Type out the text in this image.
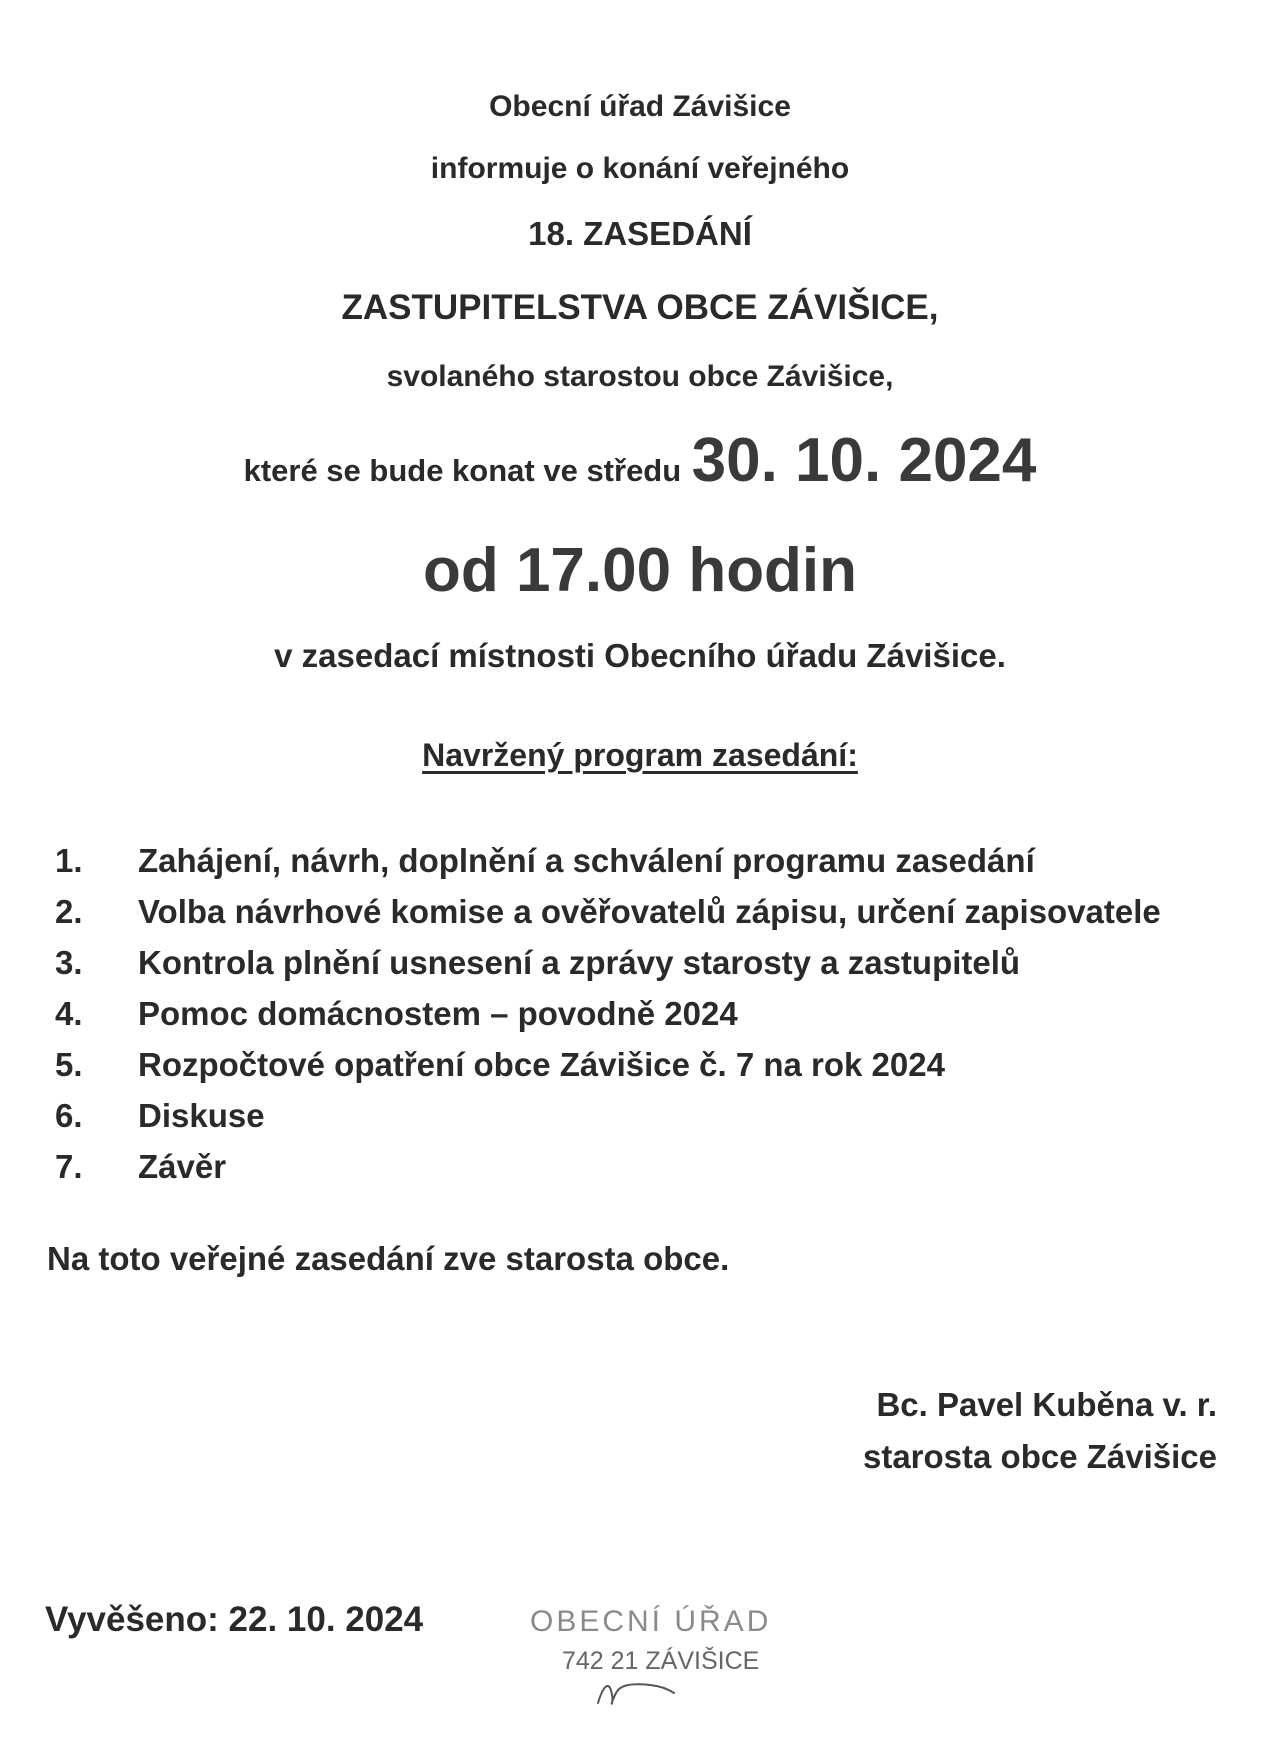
Obecní úřad Závišice
informuje o konání veřejného
18. ZASEDÁNÍ
ZASTUPITELSTVA OBCE ZÁVIŠICE,
svolaného starostou obce Závišice,
které se bude konat ve středu 30. 10. 2024
od 17.00 hodin
v zasedací místnosti Obecního úřadu Závišice.
Navržený program zasedání:
1. Zahájení, návrh, doplnění a schválení programu zasedání
2. Volba návrhové komise a ověřovatelů zápisu, určení zapisovatele
3. Kontrola plnění usnesení a zprávy starosty a zastupitelů
4. Pomoc domácnostem – povodně 2024
5. Rozpočtové opatření obce Závišice č. 7 na rok 2024
6. Diskuse
7. Závěr
Na toto veřejné zasedání zve starosta obce.
Bc. Pavel Kuběna v. r.
starosta obce Závišice
Vyvěšeno: 22. 10. 2024	OBECNÍ ÚŘAD
742 21 ZÁVIŠICE
